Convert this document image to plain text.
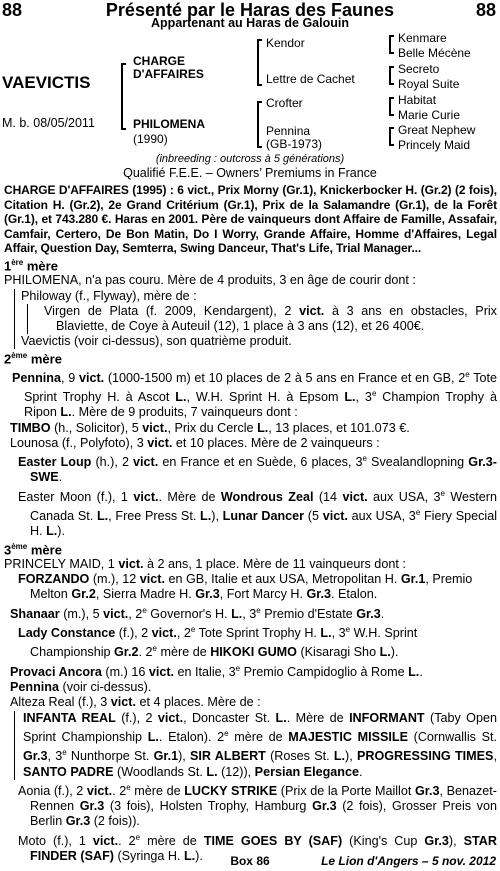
88	Présenté par le Haras des Faunes	88
Appartenant au Haras de Galouin
VAEVICTIS
M. b. 08/05/2011
CHARGE
D'AFFAIRES
PHILOMENA
(1990)
Kendor
Lettre de Cachet
Crofter
Pennina
(GB-1973)
Kenmare
Belle Mécène
Secreto
Royal Suite
Habitat
Marie Curie
Great Nephew
Princely Maid
(inbreeding : outcross à 5 générations)
Qualifié F.E.E. – Owners’ Premiums in France

CHARGE D'AFFAIRES (1995) : 6 vict., Prix Morny (Gr.1), Knickerbocker H. (Gr.2) (2 fois), Citation H. (Gr.2), 2e Grand Critérium (Gr.1), Prix de la Salamandre (Gr.1), de la Forêt (Gr.1), et 743.280 €. Haras en 2001. Père de vainqueurs dont Affaire de Famille, Assafair, Camfair, Certero, De Bon Matin, Do I Worry, Grande Affaire, Homme d'Affaires, Legal Affair, Question Day, Semterra, Swing Danceur, That's Life, Trial Manager...

1ère mère

PHILOMENA, n'a pas couru. Mère de 4 produits, 3 en âge de courir dont :

Philoway (f., Flyway), mère de :

Virgen de Plata (f. 2009, Kendargent), 2 vict. à 3 ans en obstacles, Prix Blaviette, de Coye à Auteuil (12), 1 place à 3 ans (12), et 26 400€.

Vaevictis (voir ci-dessus), son quatrième produit.

2ème mère

Pennina, 9 vict. (1000-1500 m) et 10 places de 2 à 5 ans en France et en GB, 2e Tote Sprint Trophy H. à Ascot L., W.H. Sprint H. à Epsom L., 3e Champion Trophy à Ripon L.. Mère de 9 produits, 7 vainqueurs dont :

TIMBO (h., Solicitor), 5 vict., Prix du Cercle L., 13 places, et 101.073 €.

Lounosa (f., Polyfoto), 3 vict. et 10 places. Mère de 2 vainqueurs :

Easter Loup (h.), 2 vict. en France et en Suède, 6 places, 3e Svealandlopning Gr.3-SWE.

Easter Moon (f.), 1 vict.. Mère de Wondrous Zeal (14 vict. aux USA, 3e Western Canada St. L., Free Press St. L.), Lunar Dancer (5 vict. aux USA, 3e Fiery Special H. L.).

3ème mère

PRINCELY MAID, 1 vict. à 2 ans, 1 place. Mère de 11 vainqueurs dont :

FORZANDO (m.), 12 vict. en GB, Italie et aux USA, Metropolitan H. Gr.1, Premio Melton Gr.2, Sierra Madre H. Gr.3, Fort Marcy H. Gr.3. Etalon.

Shanaar (m.), 5 vict., 2e Governor's H. L., 3e Premio d'Estate Gr.3.

Lady Constance (f.), 2 vict., 2e Tote Sprint Trophy H. L., 3e W.H. Sprint Championship Gr.2. 2e mère de HIKOKI GUMO (Kisaragi Sho L.).

Provaci Ancora (m.) 16 vict. en Italie, 3e Premio Campidoglio à Rome L..

Pennina (voir ci-dessus).

Alteza Real (f.), 3 vict. et 4 places. Mère de :

INFANTA REAL (f.), 2 vict., Doncaster St. L.. Mère de INFORMANT (Taby Open Sprint Championship L.. Etalon). 2e mère de MAJESTIC MISSILE (Cornwallis St. Gr.3, 3e Nunthorpe St. Gr.1), SIR ALBERT (Roses St. L.), PROGRESSING TIMES, SANTO PADRE (Woodlands St. L. (12)), Persian Elegance.

Aonia (f.), 2 vict.. 2e mère de LUCKY STRIKE (Prix de la Porte Maillot Gr.3, Benazet-Rennen Gr.3 (3 fois), Holsten Trophy, Hamburg Gr.3 (2 fois), Grosser Preis von Berlin Gr.3 (2 fois)).

Moto (f.), 1 vict.. 2e mère de TIME GOES BY (SAF) (King's Cup Gr.3), STAR FINDER (SAF) (Syringa H. L.).	Box 86	Le Lion d'Angers – 5 nov. 2012
